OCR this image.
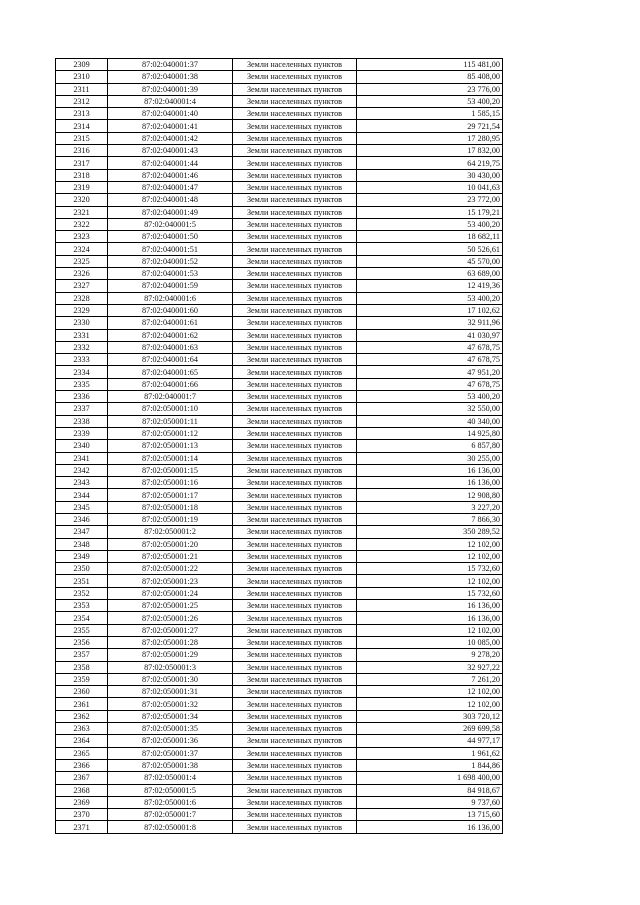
2309	87:02:040001:37	Земли населенных пунктов	115 481,00
2310	87:02:040001:38	Земли населенных пунктов	85 408,00
2311	87:02:040001:39	Земли населенных пунктов	23 776,00
2312	87:02:040001:4	Земли населенных пунктов	53 400,20
2313	87:02:040001:40	Земли населенных пунктов	1 585,15
2314	87:02:040001:41	Земли населенных пунктов	29 721,54
2315	87:02:040001:42	Земли населенных пунктов	17 280,95
2316	87:02:040001:43	Земли населенных пунктов	17 832,00
2317	87:02:040001:44	Земли населенных пунктов	64 219,75
2318	87:02:040001:46	Земли населенных пунктов	30 430,00
2319	87:02:040001:47	Земли населенных пунктов	10 041,63
2320	87:02:040001:48	Земли населенных пунктов	23 772,00
2321	87:02:040001:49	Земли населенных пунктов	15 179,21
2322	87:02:040001:5	Земли населенных пунктов	53 400,20
2323	87:02:040001:50	Земли населенных пунктов	18 682,11
2324	87:02:040001:51	Земли населенных пунктов	50 526,61
2325	87:02:040001:52	Земли населенных пунктов	45 570,00
2326	87:02:040001:53	Земли населенных пунктов	63 689,00
2327	87:02:040001:59	Земли населенных пунктов	12 419,36
2328	87:02:040001:6	Земли населенных пунктов	53 400,20
2329	87:02:040001:60	Земли населенных пунктов	17 102,62
2330	87:02:040001:61	Земли населенных пунктов	32 911,96
2331	87:02:040001:62	Земли населенных пунктов	41 030,97
2332	87:02:040001:63	Земли населенных пунктов	47 678,75
2333	87:02:040001:64	Земли населенных пунктов	47 678,75
2334	87:02:040001:65	Земли населенных пунктов	47 951,20
2335	87:02:040001:66	Земли населенных пунктов	47 678,75
2336	87:02:040001:7	Земли населенных пунктов	53 400,20
2337	87:02:050001:10	Земли населенных пунктов	32 550,00
2338	87:02:050001:11	Земли населенных пунктов	40 340,00
2339	87:02:050001:12	Земли населенных пунктов	14 925,80
2340	87:02:050001:13	Земли населенных пунктов	6 857,80
2341	87:02:050001:14	Земли населенных пунктов	30 255,00
2342	87:02:050001:15	Земли населенных пунктов	16 136,00
2343	87:02:050001:16	Земли населенных пунктов	16 136,00
2344	87:02:050001:17	Земли населенных пунктов	12 908,80
2345	87:02:050001:18	Земли населенных пунктов	3 227,20
2346	87:02:050001:19	Земли населенных пунктов	7 866,30
2347	87:02:050001:2	Земли населенных пунктов	350 289,52
2348	87:02:050001:20	Земли населенных пунктов	12 102,00
2349	87:02:050001:21	Земли населенных пунктов	12 102,00
2350	87:02:050001:22	Земли населенных пунктов	15 732,60
2351	87:02:050001:23	Земли населенных пунктов	12 102,00
2352	87:02:050001:24	Земли населенных пунктов	15 732,60
2353	87:02:050001:25	Земли населенных пунктов	16 136,00
2354	87:02:050001:26	Земли населенных пунктов	16 136,00
2355	87:02:050001:27	Земли населенных пунктов	12 102,00
2356	87:02:050001:28	Земли населенных пунктов	10 085,00
2357	87:02:050001:29	Земли населенных пунктов	9 278,20
2358	87:02:050001:3	Земли населенных пунктов	32 927,22
2359	87:02:050001:30	Земли населенных пунктов	7 261,20
2360	87:02:050001:31	Земли населенных пунктов	12 102,00
2361	87:02:050001:32	Земли населенных пунктов	12 102,00
2362	87:02:050001:34	Земли населенных пунктов	303 720,12
2363	87:02:050001:35	Земли населенных пунктов	269 699,58
2364	87:02:050001:36	Земли населенных пунктов	44 977,17
2365	87:02:050001:37	Земли населенных пунктов	1 961,62
2366	87:02:050001:38	Земли населенных пунктов	1 844,86
2367	87:02:050001:4	Земли населенных пунктов	1 698 400,00
2368	87:02:050001:5	Земли населенных пунктов	84 918,67
2369	87:02:050001:6	Земли населенных пунктов	9 737,60
2370	87:02:050001:7	Земли населенных пунктов	13 715,60
2371	87:02:050001:8	Земли населенных пунктов	16 136,00
